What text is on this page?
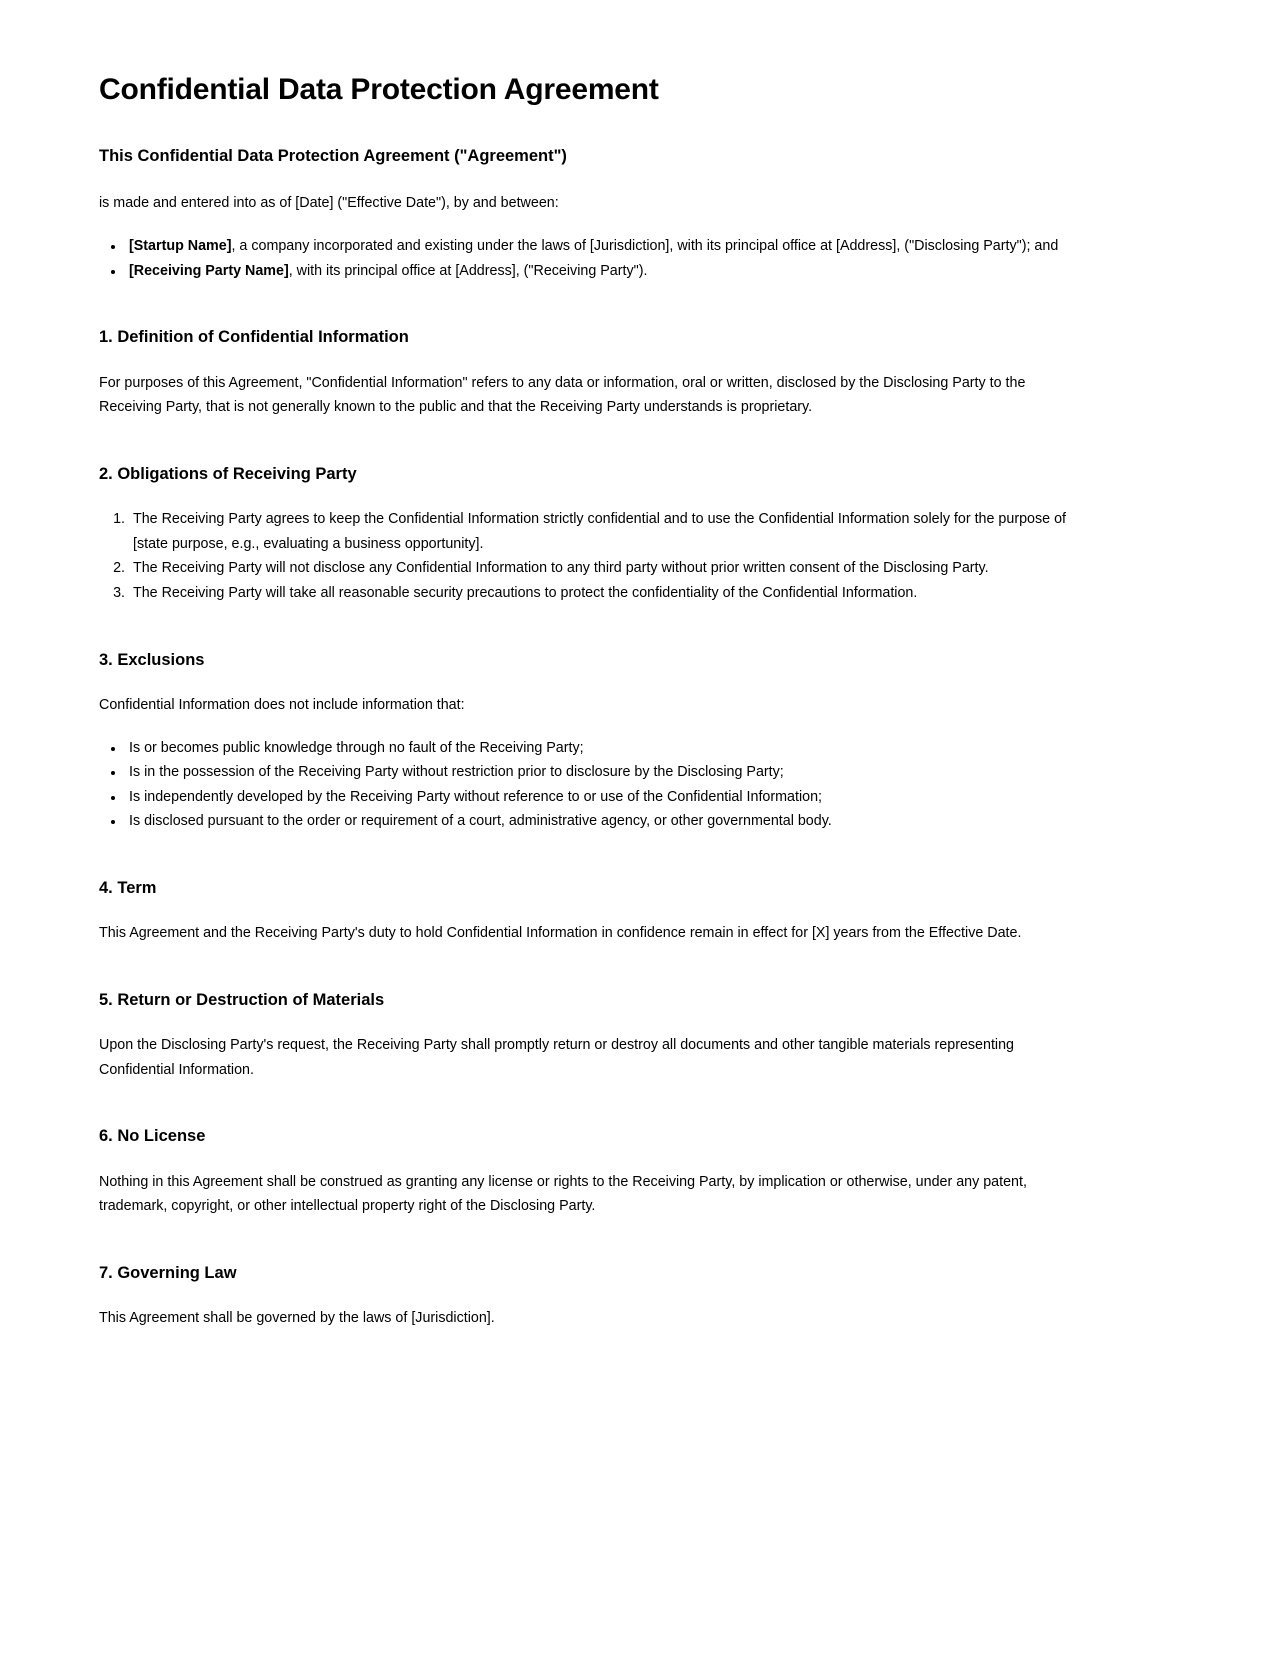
Confidential Data Protection Agreement
This Confidential Data Protection Agreement ("Agreement")

is made and entered into as of [Date] ("Effective Date"), by and between:

• [Startup Name], a company incorporated and existing under the laws of [Jurisdiction], with its principal office at [Address], ("Disclosing Party"); and
• [Receiving Party Name], with its principal office at [Address], ("Receiving Party").
1. Definition of Confidential Information

For purposes of this Agreement, "Confidential Information" refers to any data or information, oral or written, disclosed by the Disclosing Party to the Receiving Party, that is not generally known to the public and that the Receiving Party understands is proprietary.

2. Obligations of Receiving Party
1. The Receiving Party agrees to keep the Confidential Information strictly confidential and to use the Confidential Information solely for the purpose of [state purpose, e.g., evaluating a business opportunity].
2. The Receiving Party will not disclose any Confidential Information to any third party without prior written consent of the Disclosing Party.
3. The Receiving Party will take all reasonable security precautions to protect the confidentiality of the Confidential Information.
3. Exclusions

Confidential Information does not include information that:

• Is or becomes public knowledge through no fault of the Receiving Party;
• Is in the possession of the Receiving Party without restriction prior to disclosure by the Disclosing Party;
• Is independently developed by the Receiving Party without reference to or use of the Confidential Information;
• Is disclosed pursuant to the order or requirement of a court, administrative agency, or other governmental body.
4. Term

This Agreement and the Receiving Party's duty to hold Confidential Information in confidence remain in effect for [X] years from the Effective Date.

5. Return or Destruction of Materials

Upon the Disclosing Party's request, the Receiving Party shall promptly return or destroy all documents and other tangible materials representing Confidential Information.

6. No License

Nothing in this Agreement shall be construed as granting any license or rights to the Receiving Party, by implication or otherwise, under any patent, trademark, copyright, or other intellectual property right of the Disclosing Party.

7. Governing Law

This Agreement shall be governed by the laws of [Jurisdiction].
